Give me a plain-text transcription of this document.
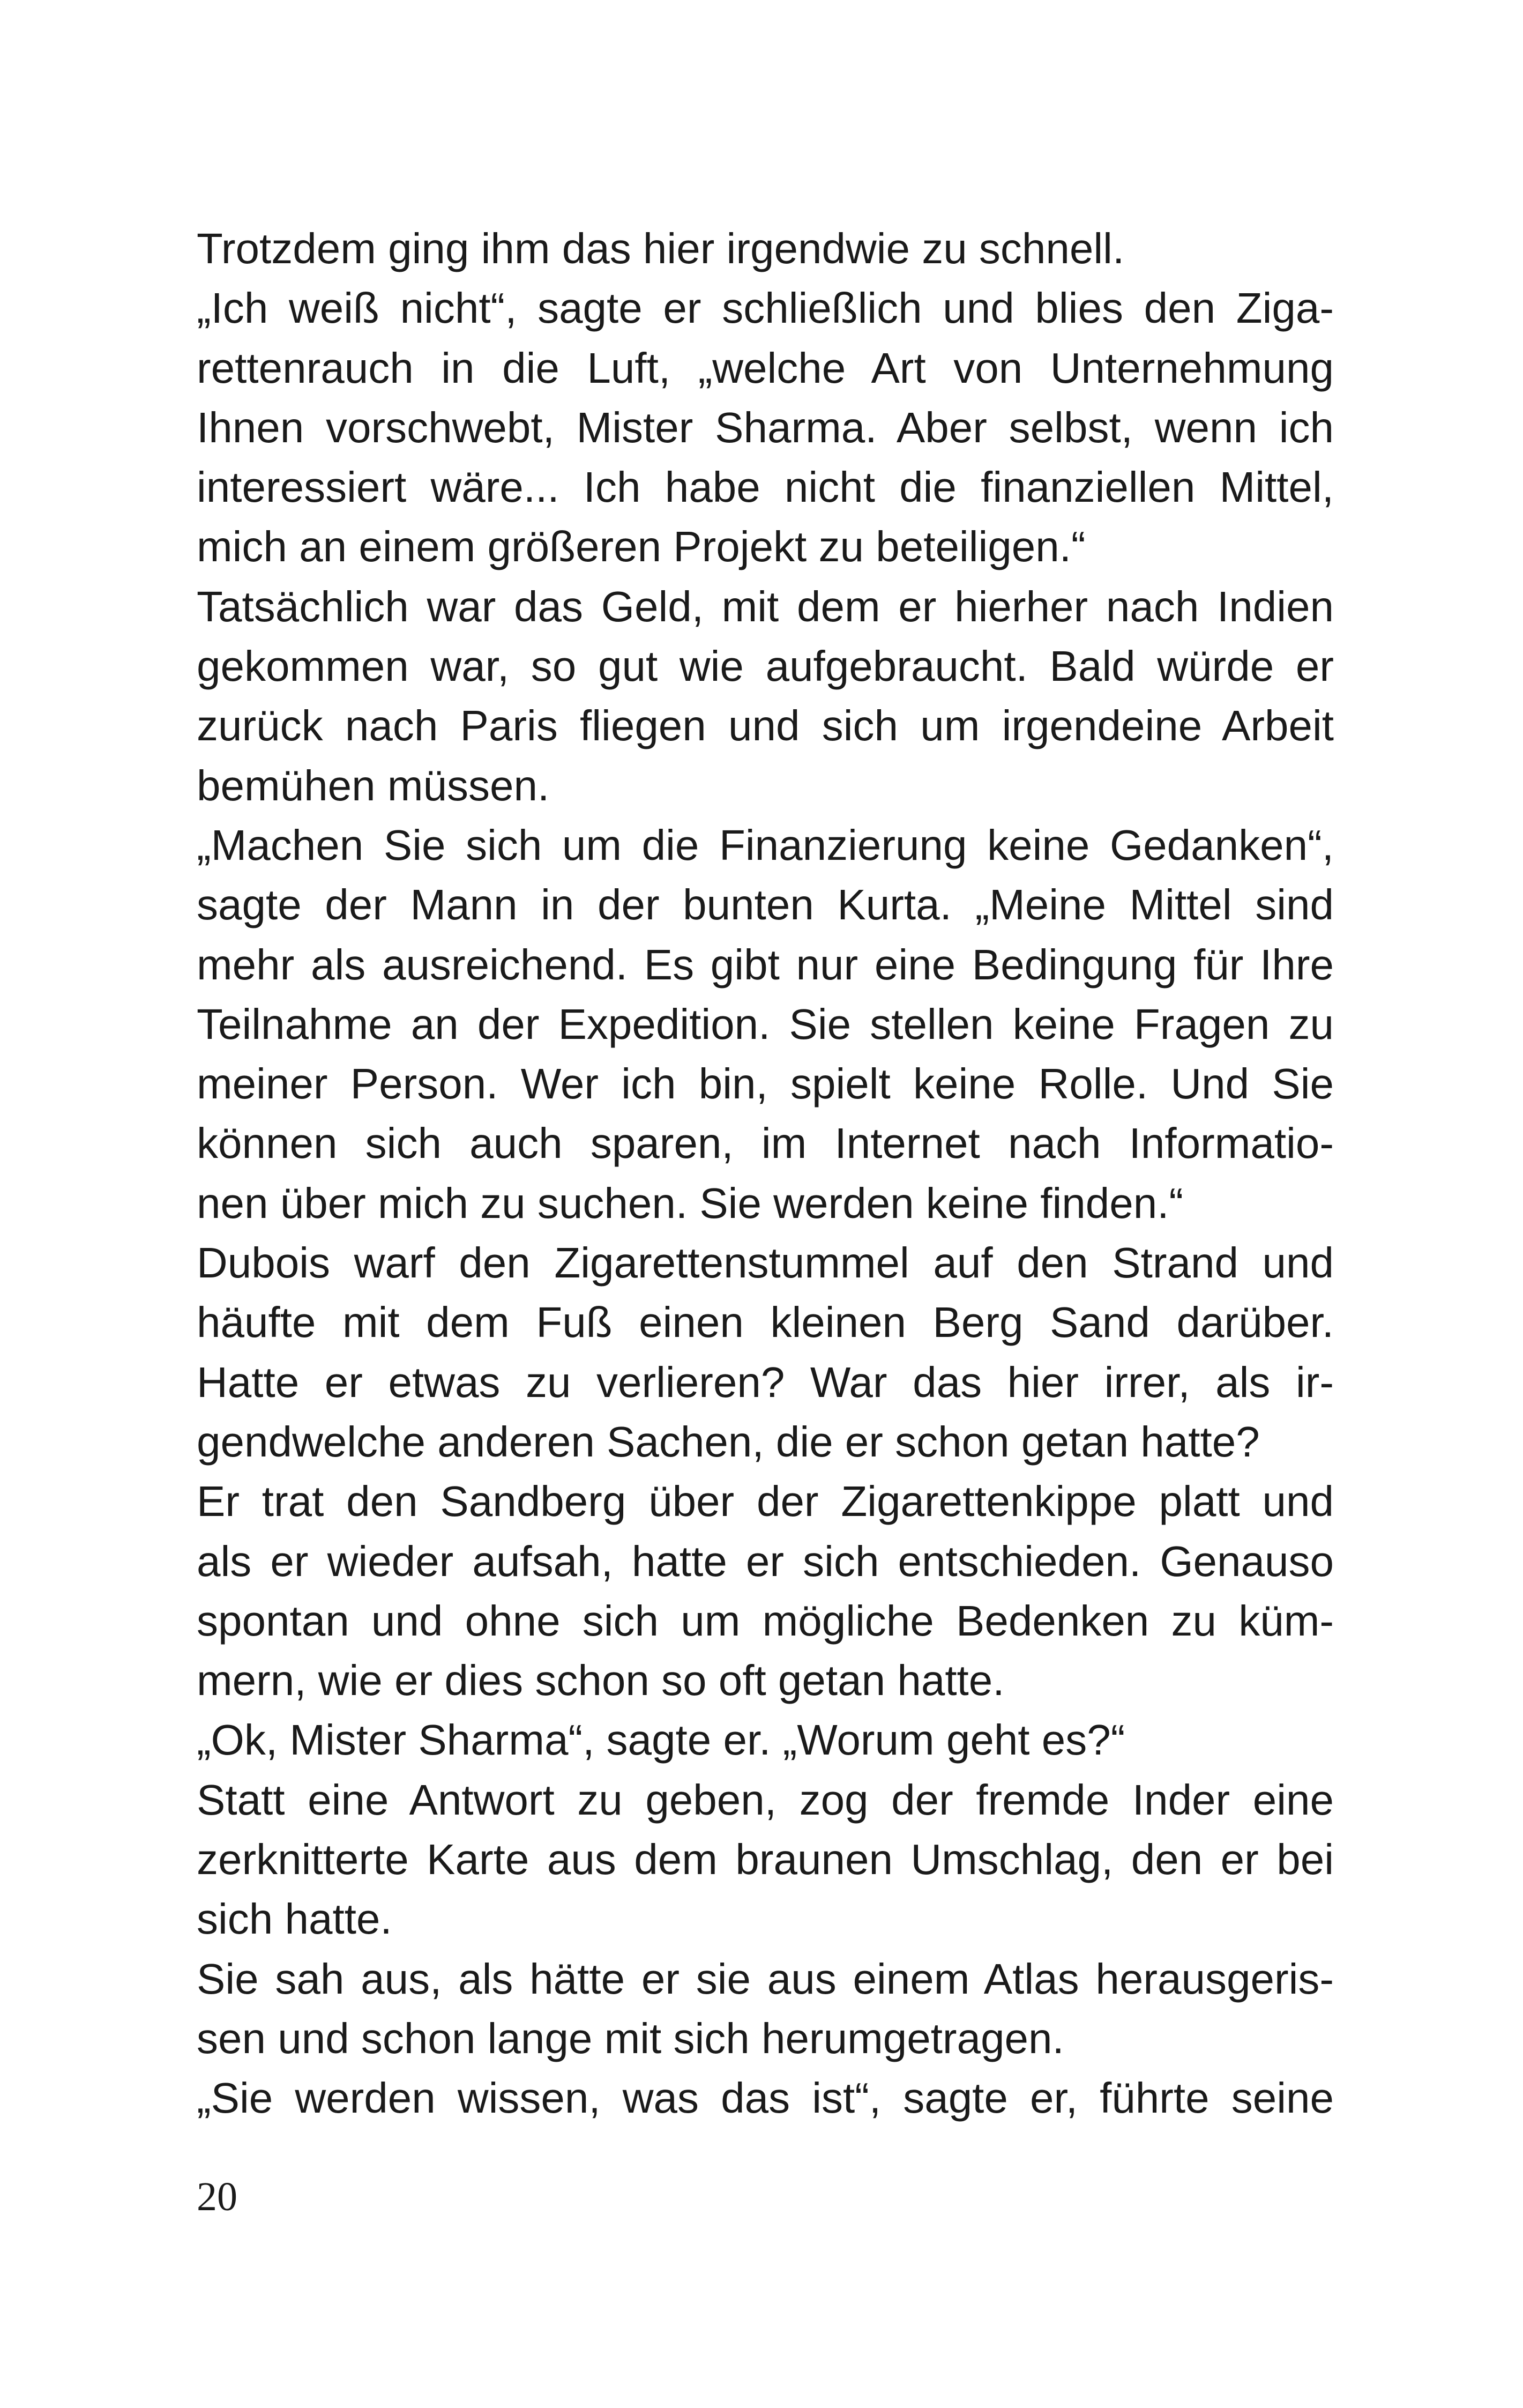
Trotzdem ging ihm das hier irgendwie zu schnell.
„Ich weiß nicht“, sagte er schließlich und blies den Ziga-
rettenrauch in die Luft, „welche Art von Unternehmung
Ihnen vorschwebt, Mister Sharma. Aber selbst, wenn ich
interessiert wäre... Ich habe nicht die finanziellen Mittel,
mich an einem größeren Projekt zu beteiligen.“
Tatsächlich war das Geld, mit dem er hierher nach Indien
gekommen war, so gut wie aufgebraucht. Bald würde er
zurück nach Paris fliegen und sich um irgendeine Arbeit
bemühen müssen.
„Machen Sie sich um die Finanzierung keine Gedanken“,
sagte der Mann in der bunten Kurta. „Meine Mittel sind
mehr als ausreichend. Es gibt nur eine Bedingung für Ihre
Teilnahme an der Expedition. Sie stellen keine Fragen zu
meiner Person. Wer ich bin, spielt keine Rolle. Und Sie
können sich auch sparen, im Internet nach Informatio-
nen über mich zu suchen. Sie werden keine finden.“
Dubois warf den Zigarettenstummel auf den Strand und
häufte mit dem Fuß einen kleinen Berg Sand darüber.
Hatte er etwas zu verlieren? War das hier irrer, als ir-
gendwelche anderen Sachen, die er schon getan hatte?
Er trat den Sandberg über der Zigarettenkippe platt und
als er wieder aufsah, hatte er sich entschieden. Genauso
spontan und ohne sich um mögliche Bedenken zu küm-
mern, wie er dies schon so oft getan hatte.
„Ok, Mister Sharma“, sagte er. „Worum geht es?“
Statt eine Antwort zu geben, zog der fremde Inder eine
zerknitterte Karte aus dem braunen Umschlag, den er bei
sich hatte.
Sie sah aus, als hätte er sie aus einem Atlas herausgeris-
sen und schon lange mit sich herumgetragen.
„Sie werden wissen, was das ist“, sagte er, führte seine
20
